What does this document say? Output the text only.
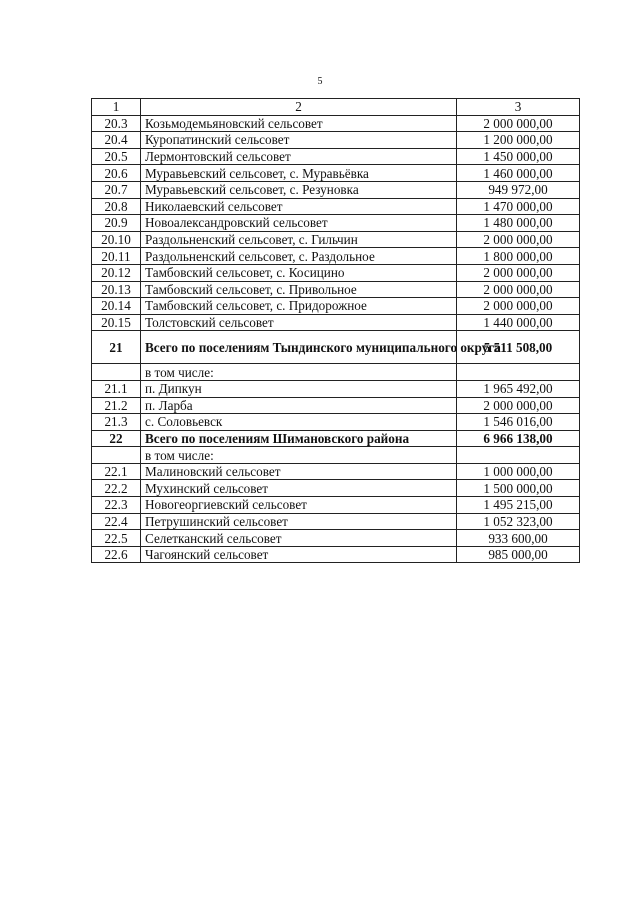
5
1	2	3
20.3	Козьмодемьяновский сельсовет	2 000 000,00
20.4	Куропатинский сельсовет	1 200 000,00
20.5	Лермонтовский сельсовет	1 450 000,00
20.6	Муравьевский сельсовет, с. Муравьёвка	1 460 000,00
20.7	Муравьевский сельсовет, с. Резуновка	949 972,00
20.8	Николаевский сельсовет	1 470 000,00
20.9	Новоалександровский сельсовет	1 480 000,00
20.10	Раздольненский сельсовет, с. Гильчин	2 000 000,00
20.11	Раздольненский сельсовет, с. Раздольное	1 800 000,00
20.12	Тамбовский сельсовет, с. Косицино	2 000 000,00
20.13	Тамбовский сельсовет, с. Привольное	2 000 000,00
20.14	Тамбовский сельсовет, с. Придорожное	2 000 000,00
20.15	Толстовский сельсовет	1 440 000,00
21	Всего по поселениям Тындинского муниципального округа	5 511 508,00
	в том числе:	
21.1	п. Дипкун	1 965 492,00
21.2	п. Ларба	2 000 000,00
21.3	с. Соловьевск	1 546 016,00
22	Всего по поселениям Шимановского района	6 966 138,00
	в том числе:	
22.1	Малиновский сельсовет	1 000 000,00
22.2	Мухинский сельсовет	1 500 000,00
22.3	Новогеоргиевский сельсовет	1 495 215,00
22.4	Петрушинский сельсовет	1 052 323,00
22.5	Селетканский сельсовет	933 600,00
22.6	Чагоянский сельсовет	985 000,00
